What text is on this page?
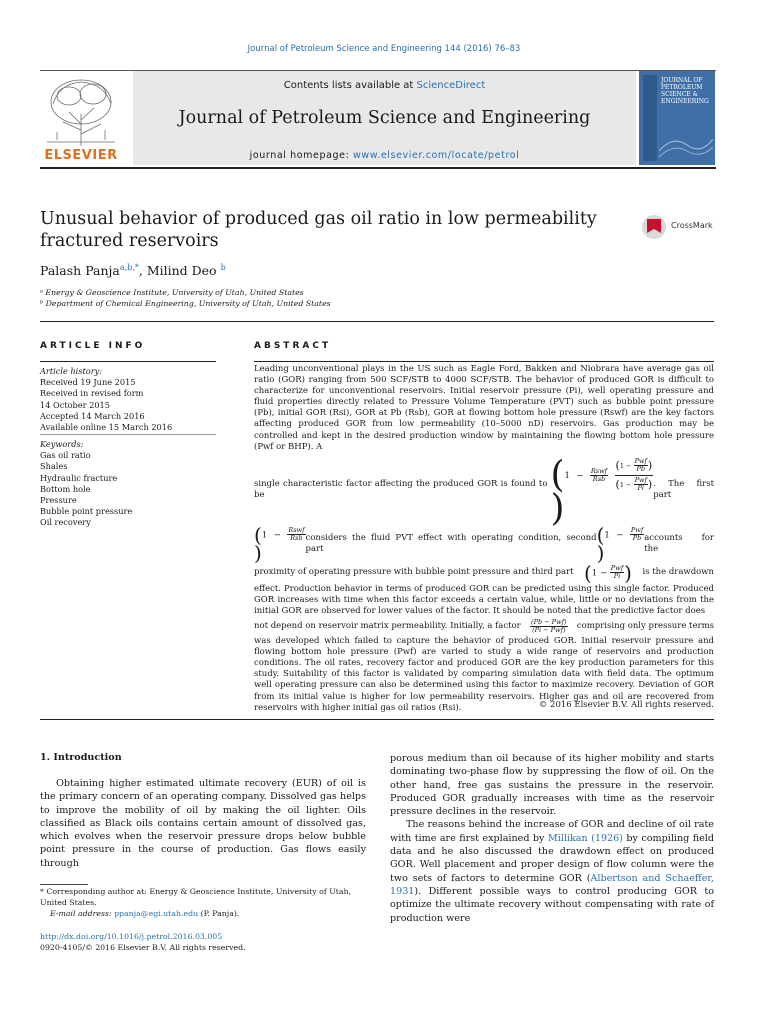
Journal of Petroleum Science and Engineering 144 (2016) 76–83
ELSEVIER
Contents lists available at ScienceDirect
Journal of Petroleum Science and Engineering
journal homepage: www.elsevier.com/locate/petrol
JOURNAL OF PETROLEUM SCIENCE & ENGINEERING
Unusual behavior of produced gas oil ratio in low permeability
fractured reservoirs
CrossMark
Palash Panja$^{a,b,*}$, Milind Deo $^b$
ᵃ Energy & Geoscience Institute, University of Utah, United States
ᵇ Department of Chemical Engineering, University of Utah, United States
ARTICLE INFO
Article history:
Received 19 June 2015
Received in revised form
14 October 2015
Accepted 14 March 2016
Available online 15 March 2016
Keywords:
Gas oil ratio
Shales
Hydraulic fracture
Bottom hole
Pressure
Bubble point pressure
Oil recovery
ABSTRACT

Leading unconventional plays in the US such as Eagle Ford, Bakken and Niobrara have average gas oil ratio (GOR) ranging from 500 SCF/STB to 4000 SCF/STB. The behavior of produced GOR is difficult to characterize for unconventional reservoirs. Initial reservoir pressure (Pi), well operating pressure and fluid properties directly related to Pressure Volume Temperature (PVT) such as bubble point pressure (Pb), initial GOR (Rsi), GOR at Pb (Rsb), GOR at flowing bottom hole pressure (Rswf) are the key factors affecting produced GOR from low permeability (10–5000 nD) reservoirs. Gas production may be controlled and kept in the desired production window by maintaining the flowing bottom hole pressure (Pwf or BHP). A

single characteristic factor affecting the produced GOR is found to be	($1 - \frac{\text{Rswf}}{\text{Rsb}}$
$\frac{(1 - \frac{\text{Pwf}}{Pb} )}{(1 - \frac{\text{Pwf}}{Pi} )}$
)
. The first part
($1 - \frac{\text{Rswf}}{\text{Rsb}}$
)
considers the fluid PVT effect with operating condition, second part
($1 - \frac{\text{Pwf}}{Pb}$
)
accounts for the
proximity of operating pressure with bubble point pressure and third part ($1 - \frac{\text{Pwf}}{Pi}$ ) is the drawdown

effect. Production behavior in terms of produced GOR can be predicted using this single factor. Produced GOR increases with time when this factor exceeds a certain value, while, little or no deviations from the initial GOR are observed for lower values of the factor. It should be noted that the predictive factor does

not depend on reservoir matrix permeability. Initially, a factor $\frac{\text{(Pb − Pwf)}}{\text{(Pi − Pwf)}}$ comprising only pressure terms

was developed which failed to capture the behavior of produced GOR. Initial reservoir pressure and flowing bottom hole pressure (Pwf) are varied to study a wide range of reservoirs and production conditions. The oil rates, recovery factor and produced GOR are the key production parameters for this study. Suitability of this factor is validated by comparing simulation data with field data. The optimum well operating pressure can also be determined using this factor to maximize recovery. Deviation of GOR from its initial value is higher for low permeability reservoirs. Higher gas and oil are recovered from reservoirs with higher initial gas oil ratios (Rsi).	© 2016 Elsevier B.V. All rights reserved.
1. Introduction

Obtaining higher estimated ultimate recovery (EUR) of oil is the primary concern of an operating company. Dissolved gas helps to improve the mobility of oil by making the oil lighter. Oils classified as Black oils contains certain amount of dissolved gas, which evolves when the reservoir pressure drops below bubble point pressure in the course of production. Gas flows easily through

porous medium than oil because of its higher mobility and starts dominating two-phase flow by suppressing the flow of oil. On the other hand, free gas sustains the pressure in the reservoir. Produced GOR gradually increases with time as the reservoir pressure declines in the reservoir.

The reasons behind the increase of GOR and decline of oil rate with time are first explained by Millikan (1926) by compiling field data and he also discussed the drawdown effect on produced GOR. Well placement and proper design of flow column were the two sets of factors to determine GOR (Albertson and Schaeffer, 1931). Different possible ways to control producing GOR to optimize the ultimate recovery without compensating with rate of production were

* Corresponding author at: Energy & Geoscience Institute, University of Utah, United States.
E-mail address: ppanja@egi.utah.edu (P. Panja).
http://dx.doi.org/10.1016/j.petrol.2016.03.005
0920-4105/© 2016 Elsevier B.V. All rights reserved.
